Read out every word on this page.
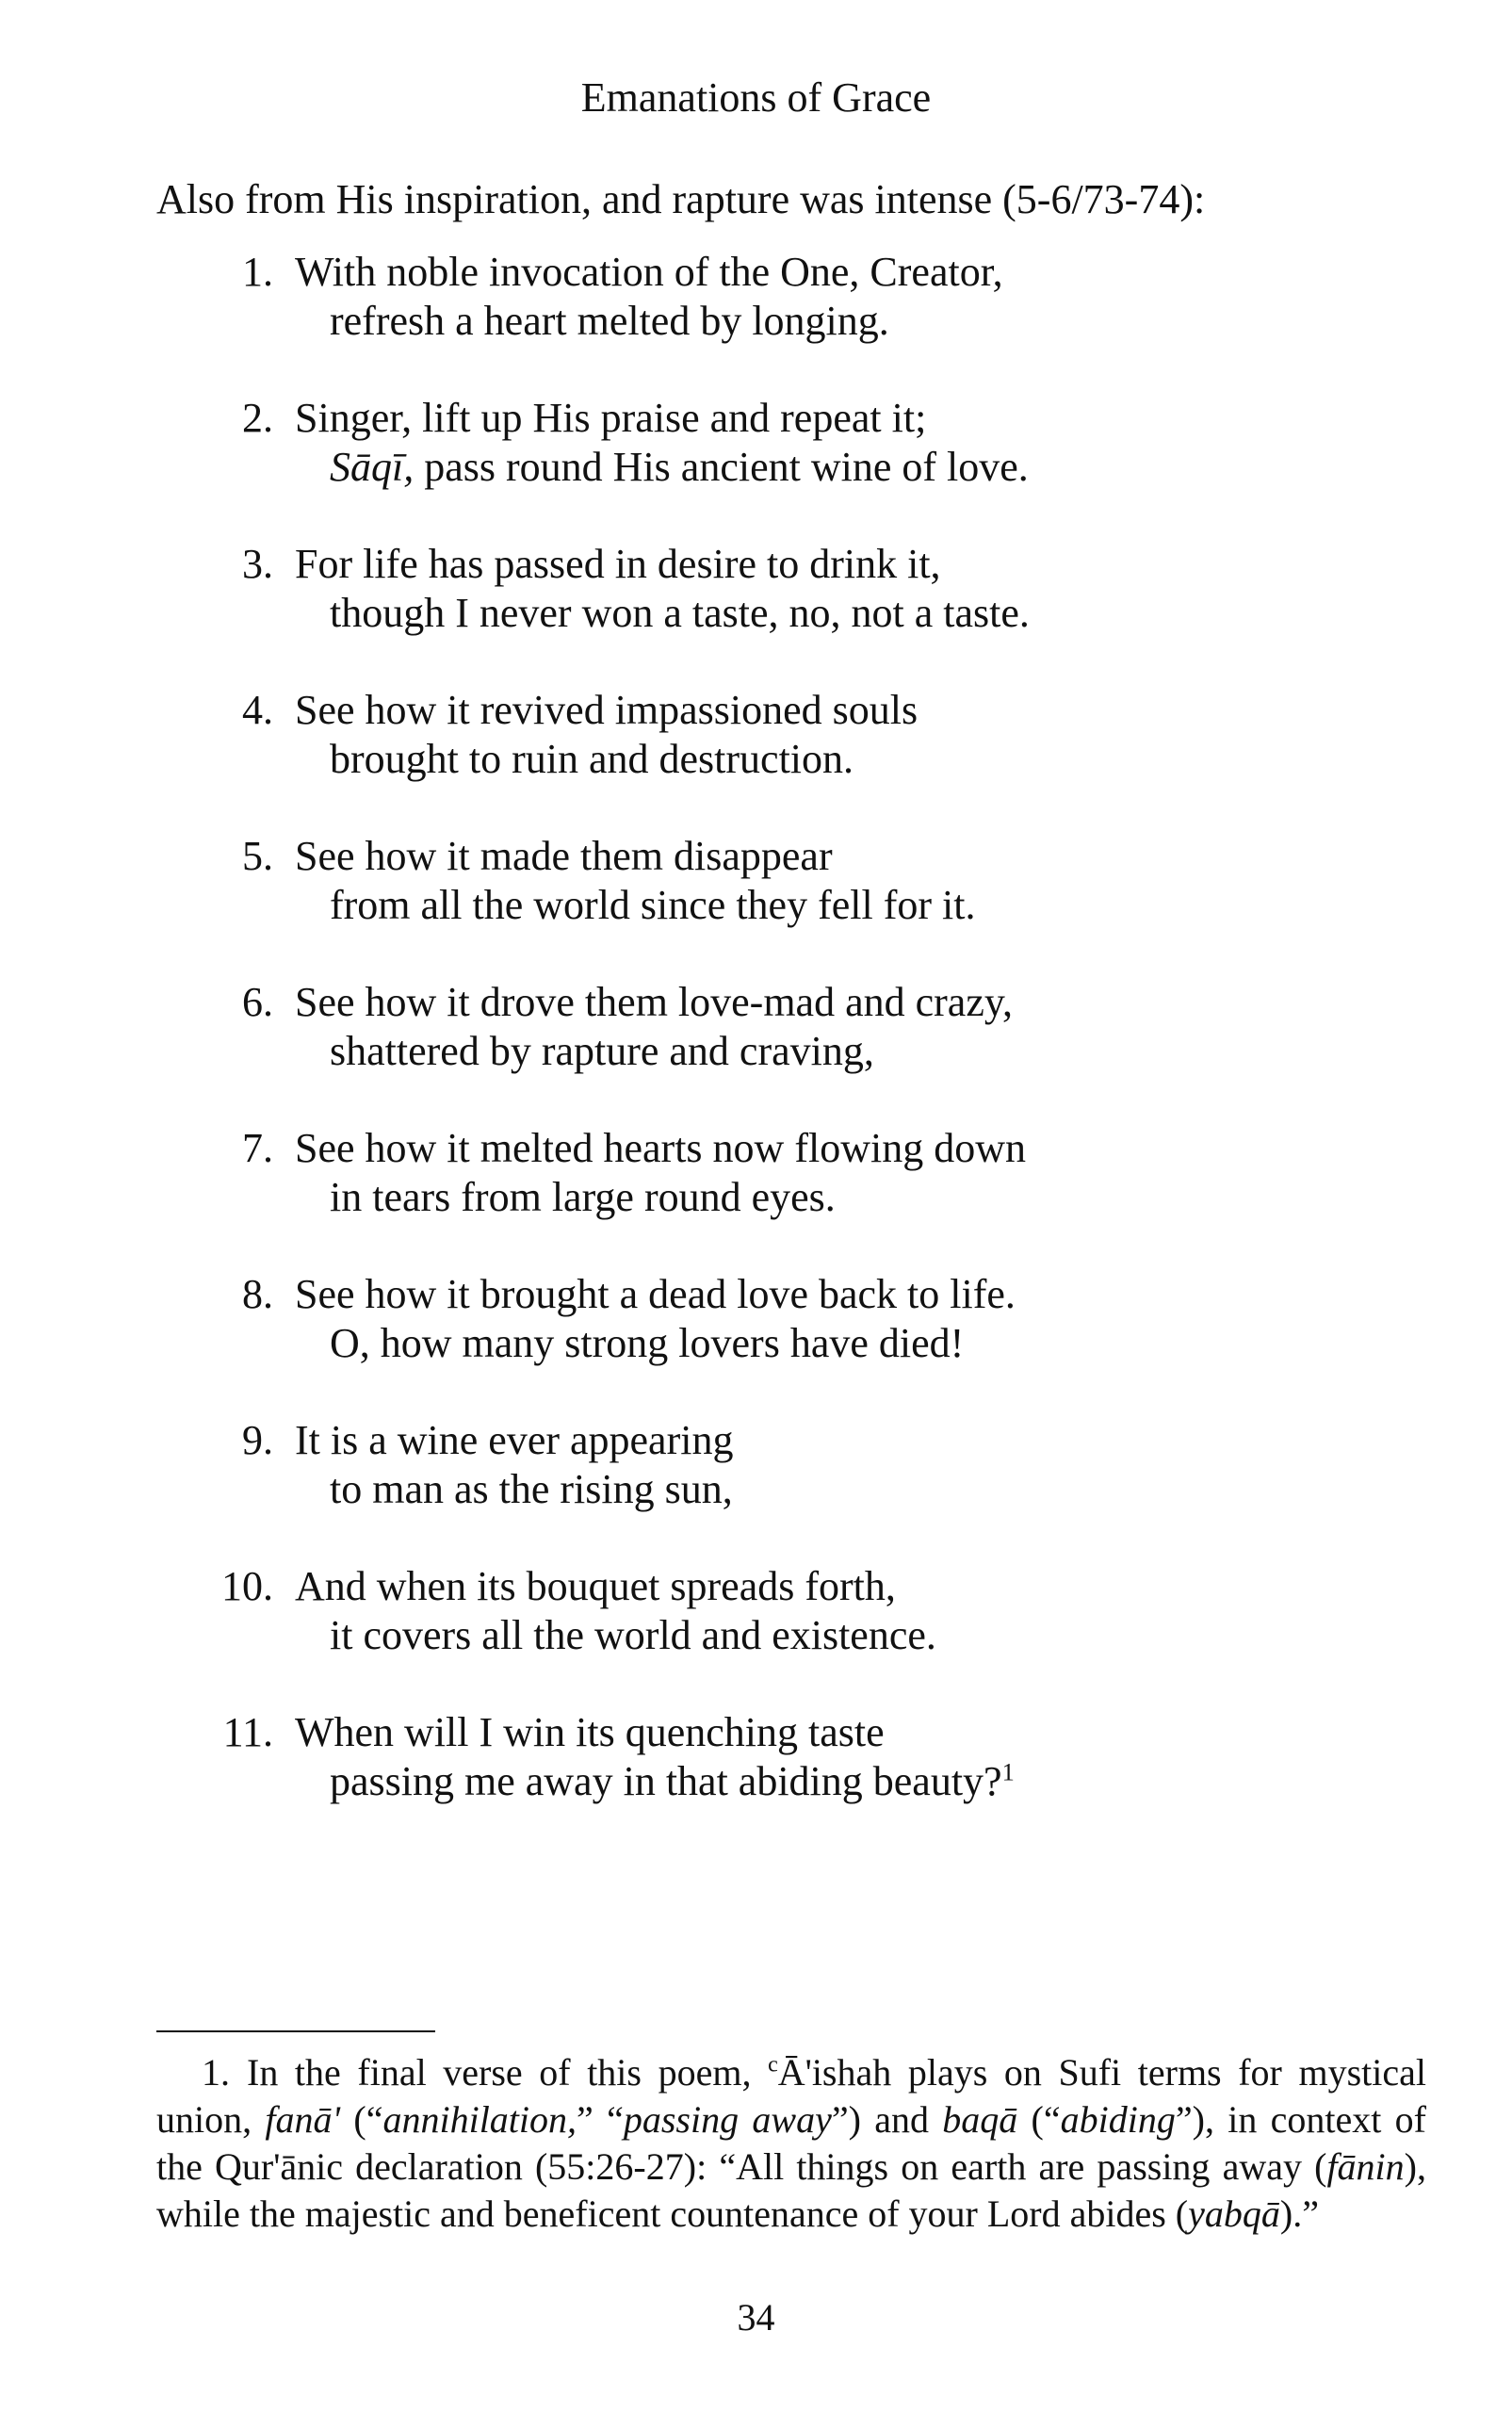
Emanations of Grace
Also from His inspiration, and rapture was intense (5-6/73-74):
1. With noble invocation of the One, Creator,
refresh a heart melted by longing.
2. Singer, lift up His praise and repeat it;
Sāqī, pass round His ancient wine of love.
3. For life has passed in desire to drink it,
though I never won a taste, no, not a taste.
4. See how it revived impassioned souls
brought to ruin and destruction.
5. See how it made them disappear
from all the world since they fell for it.
6. See how it drove them love-mad and crazy,
shattered by rapture and craving,
7. See how it melted hearts now flowing down
in tears from large round eyes.
8. See how it brought a dead love back to life.
O, how many strong lovers have died!
9. It is a wine ever appearing
to man as the rising sun,
10. And when its bouquet spreads forth,
it covers all the world and existence.
11. When will I win its quenching taste
passing me away in that abiding beauty?$^1$
1. In the final verse of this poem, $^c$Ā'ishah plays on Sufi terms for mystical union, fanā' (“annihilation,” “passing away”) and baqā (“abiding”), in context of the Qur'ānic declaration (55:26-27): “All things on earth are passing away (fānin), while the majestic and beneficent countenance of your Lord abides (yabqā).”
34
